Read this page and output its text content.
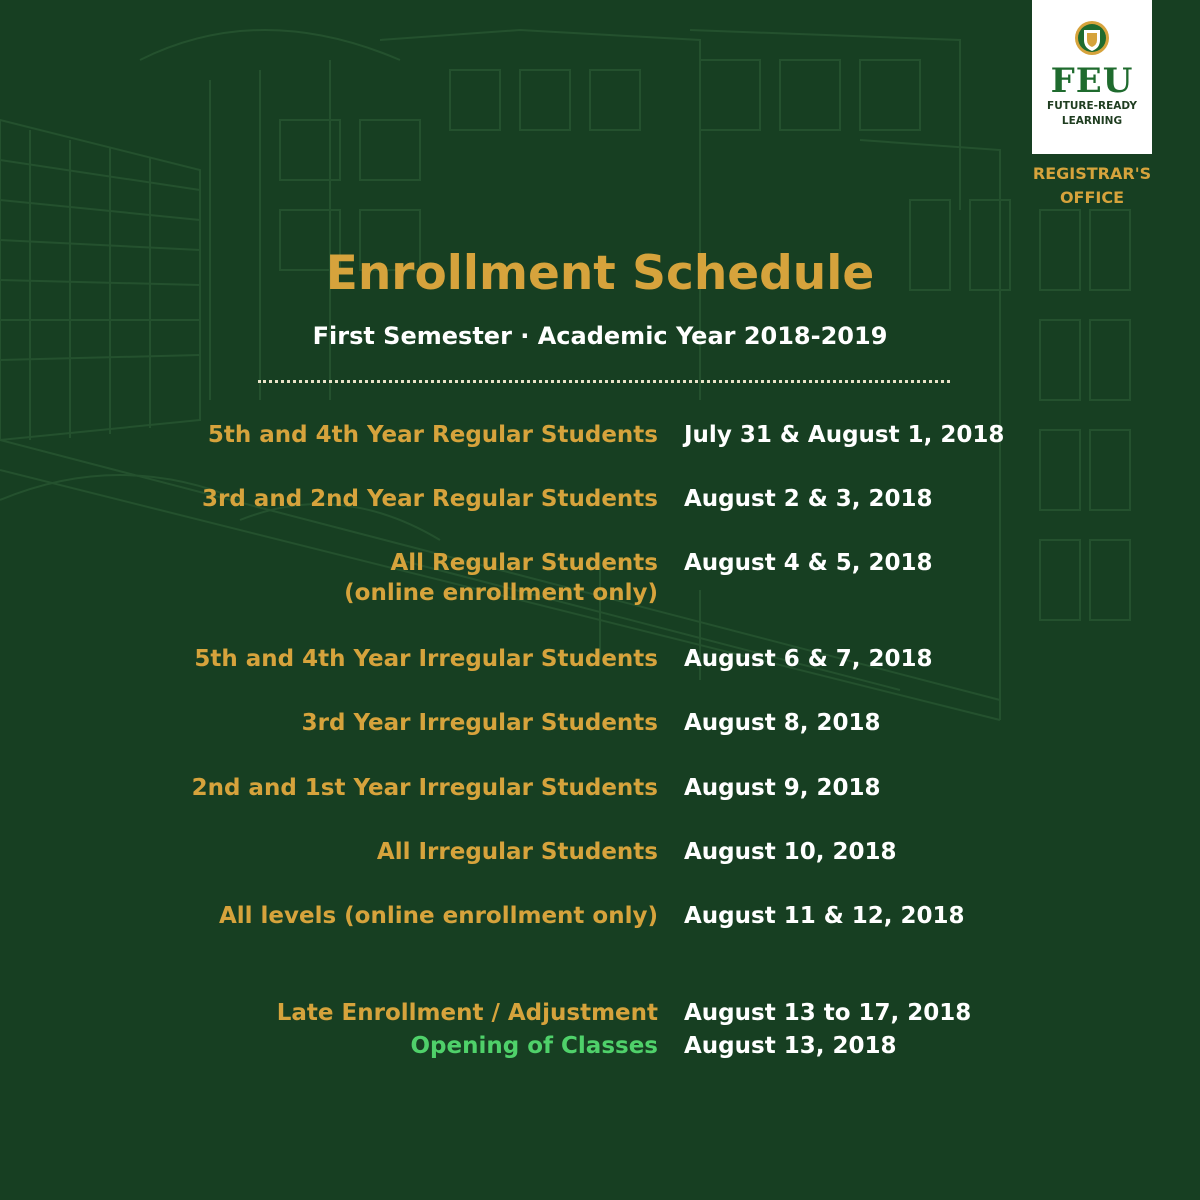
FEU
FUTURE-READY
LEARNING
REGISTRAR'S
OFFICE
Enrollment Schedule
First Semester · Academic Year 2018-2019
5th and 4th Year Regular Students July 31 & August 1, 2018
3rd and 2nd Year Regular Students August 2 & 3, 2018
All Regular Students
(online enrollment only)
August 4 & 5, 2018
5th and 4th Year Irregular Students August 6 & 7, 2018
3rd Year Irregular Students August 8, 2018
2nd and 1st Year Irregular Students August 9, 2018
All Irregular Students August 10, 2018
All levels (online enrollment only) August 11 & 12, 2018
Late Enrollment / Adjustment August 13 to 17, 2018
Opening of Classes August 13, 2018
